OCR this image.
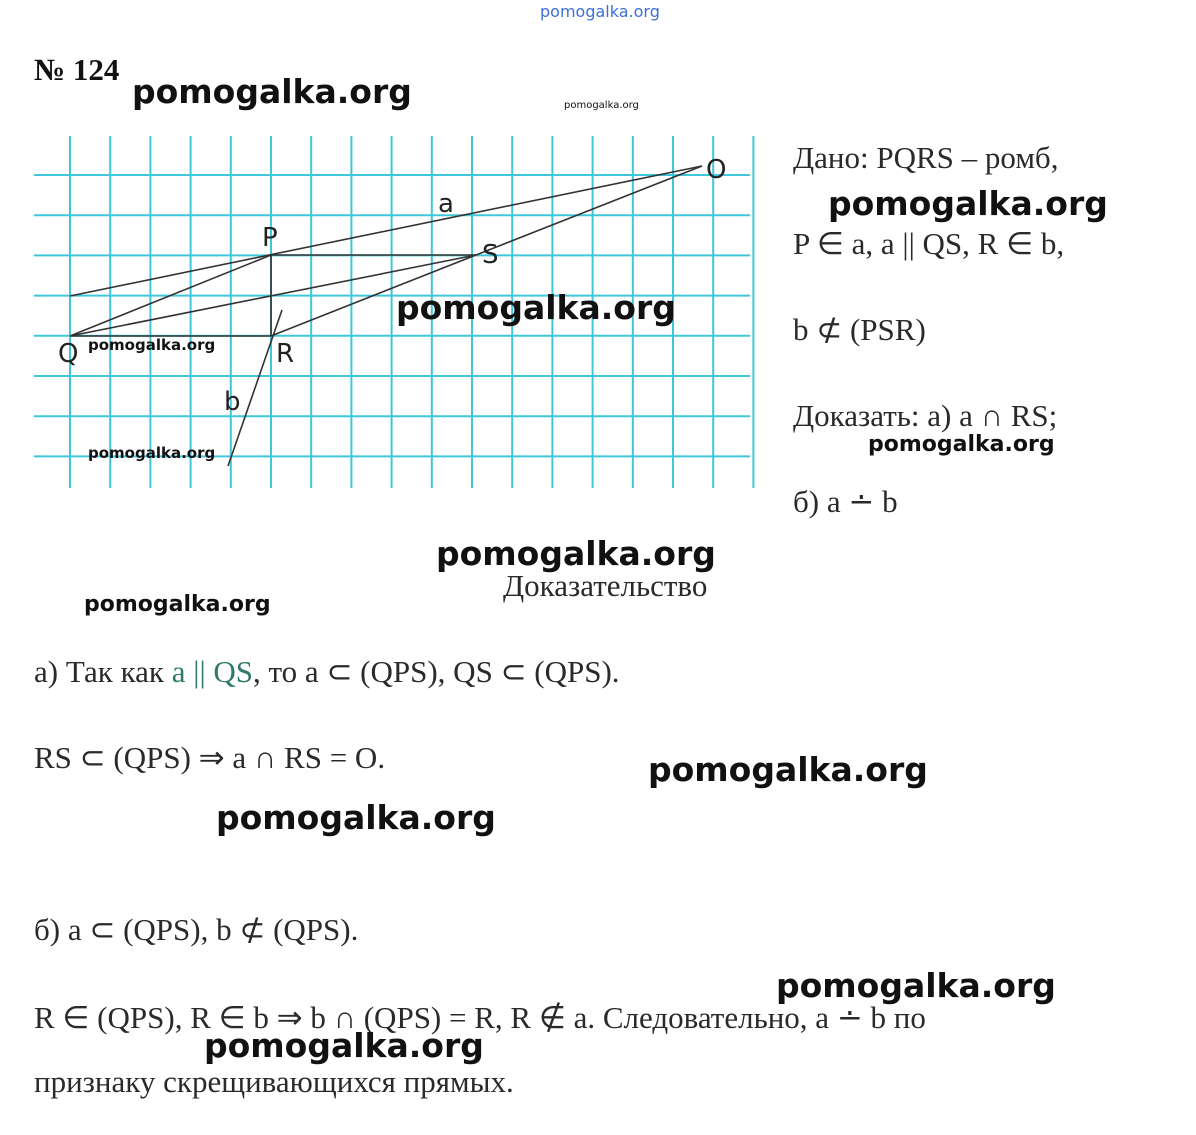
pomogalka.org
№ 124
pomogalka.org	pomogalka.org
P
Q	R
S
O
a
b
pomogalka.org
pomogalka.org
pomogalka.org
Дано: PQRS – ромб,
pomogalka.org
P ∈ a, a || QS, R ∈ b,
b ⊄ (PSR)
Доказать: а) a ∩ RS;
pomogalka.org
б) a ∸ b
pomogalka.org
Доказательство
pomogalka.org
а) Так как a || QS, то a ⊂ (QPS), QS ⊂ (QPS).
RS ⊂ (QPS) ⇒ a ∩ RS = O.	pomogalka.org
pomogalka.org
б) a ⊂ (QPS), b ⊄ (QPS).
pomogalka.org
R ∈ (QPS), R ∈ b ⇒ b ∩ (QPS) = R, R ∉ a. Следовательно, a ∸ b по
pomogalka.org
признаку скрещивающихся прямых.
